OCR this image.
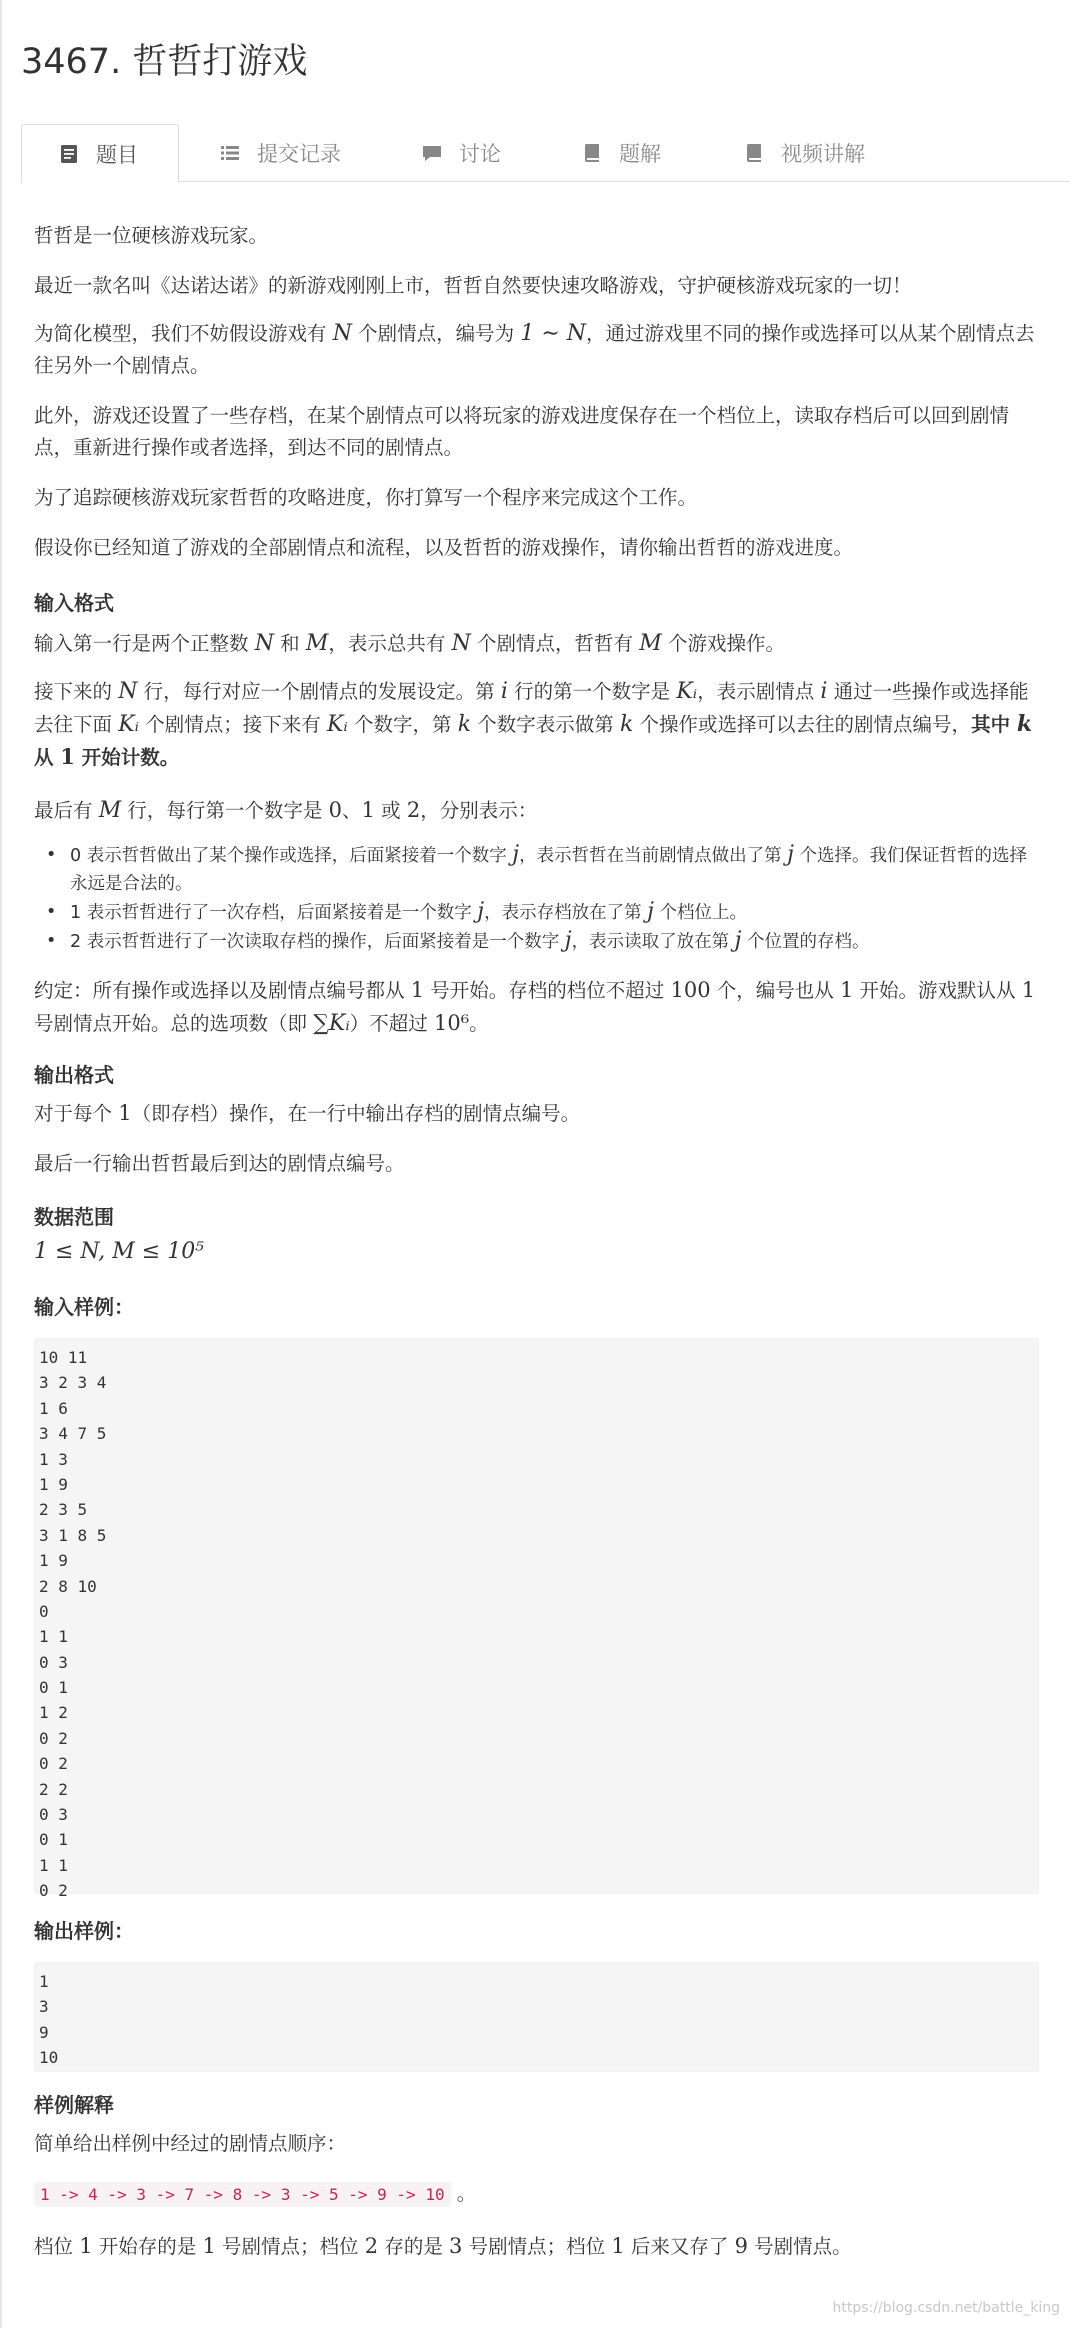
3467. 哲哲打游戏
题目	提交记录	讨论	题解	视频讲解

哲哲是一位硬核游戏玩家。

最近一款名叫《达诺达诺》的新游戏刚刚上市，哲哲自然要快速攻略游戏，守护硬核游戏玩家的一切！

为简化模型，我们不妨假设游戏有 N 个剧情点，编号为 1 ∼ N，通过游戏里不同的操作或选择可以从某个剧情点去往另外一个剧情点。

此外，游戏还设置了一些存档，在某个剧情点可以将玩家的游戏进度保存在一个档位上，读取存档后可以回到剧情点，重新进行操作或者选择，到达不同的剧情点。

为了追踪硬核游戏玩家哲哲的攻略进度，你打算写一个程序来完成这个工作。

假设你已经知道了游戏的全部剧情点和流程，以及哲哲的游戏操作，请你输出哲哲的游戏进度。

输入格式

输入第一行是两个正整数 N 和 M，表示总共有 N 个剧情点，哲哲有 M 个游戏操作。

接下来的 N 行，每行对应一个剧情点的发展设定。第 i 行的第一个数字是 Kᵢ，表示剧情点 i 通过一些操作或选择能去往下面 Kᵢ 个剧情点；接下来有 Kᵢ 个数字，第 k 个数字表示做第 k 个操作或选择可以去往的剧情点编号，其中 k 从 1 开始计数。

最后有 M 行，每行第一个数字是 0、1 或 2，分别表示：

• 0 表示哲哲做出了某个操作或选择，后面紧接着一个数字 j，表示哲哲在当前剧情点做出了第 j 个选择。我们保证哲哲的选择永远是合法的。
• 1 表示哲哲进行了一次存档，后面紧接着是一个数字 j，表示存档放在了第 j 个档位上。
• 2 表示哲哲进行了一次读取存档的操作，后面紧接着是一个数字 j，表示读取了放在第 j 个位置的存档。

约定：所有操作或选择以及剧情点编号都从 1 号开始。存档的档位不超过 100 个，编号也从 1 开始。游戏默认从 1 号剧情点开始。总的选项数（即 ∑Kᵢ）不超过 10⁶。

输出格式

对于每个 1（即存档）操作，在一行中输出存档的剧情点编号。

最后一行输出哲哲最后到达的剧情点编号。

数据范围

1 ≤ N, M ≤ 10⁵

输入样例：
10 11
3 2 3 4
1 6
3 4 7 5
1 3
1 9
2 3 5
3 1 8 5
1 9
2 8 10
0
1 1
0 3
0 1
1 2
0 2
0 2
2 2
0 3
0 1
1 1
0 2
输出样例：
1
3
9
10
样例解释

简单给出样例中经过的剧情点顺序：

1 -> 4 -> 3 -> 7 -> 8 -> 3 -> 5 -> 9 -> 10 。

档位 1 开始存的是 1 号剧情点；档位 2 存的是 3 号剧情点；档位 1 后来又存了 9 号剧情点。

https://blog.csdn.net/battle_king
